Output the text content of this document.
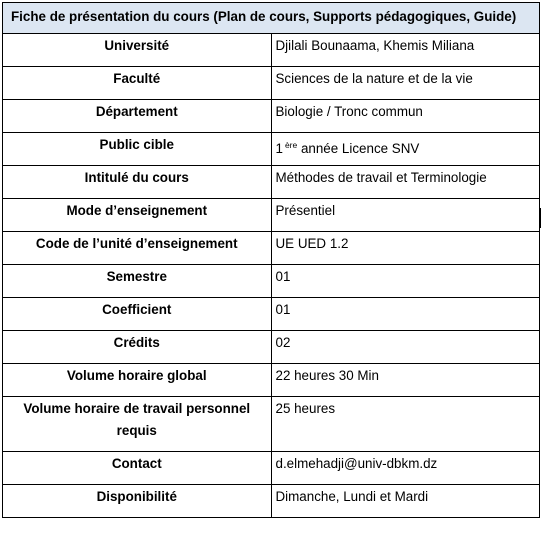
Fiche de présentation du cours (Plan de cours, Supports pédagogiques, Guide)	
Université	Djilali Bounaama, Khemis Miliana
Faculté	Sciences de la nature et de la vie
Département	Biologie / Tronc commun
Public cible	1 $^{ère}$ année Licence SNV
Intitulé du cours	Méthodes de travail et Terminologie
Mode d’enseignement	Présentiel
Code de l’unité d’enseignement	UE UED 1.2
Semestre	01
Coefficient	01
Crédits	02
Volume horaire global	22 heures 30 Min
Volume horaire de travail personnel requis	25 heures
Contact	d.elmehadji@univ-dbkm.dz
Disponibilité	Dimanche, Lundi et Mardi
